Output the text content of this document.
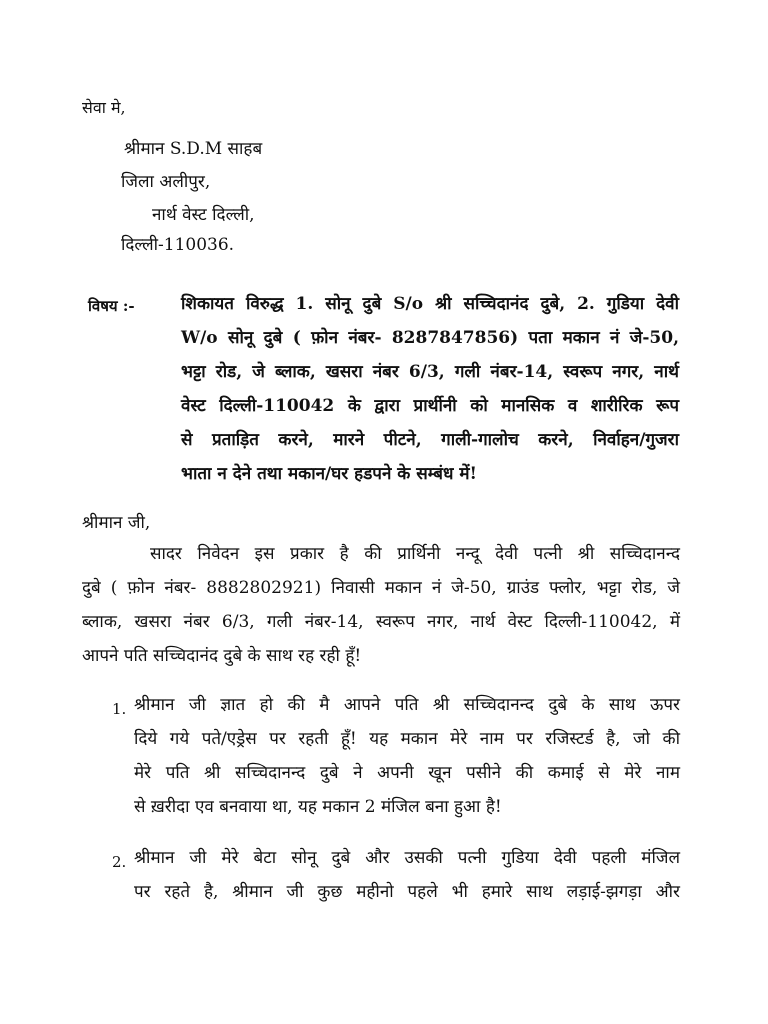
सेवा मे,
श्रीमान S.D.M साहब
जिला अलीपुर,
नार्थ वेस्ट दिल्ली,
दिल्ली-110036.
विषय :-	शिकायत विरुद्ध 1. सोनू दुबे S/o श्री सच्चिदानंद दुबे, 2. गुडिया देवी
W/o सोनू दुबे ( फ़ोन नंबर- 8287847856) पता मकान नं जे-50,
भट्टा रोड, जे ब्लाक, खसरा नंबर 6/3, गली नंबर-14, स्वरूप नगर, नार्थ
वेस्ट दिल्ली-110042 के द्वारा प्रार्थीनी को मानसिक व शारीरिक रूप
से प्रताड़ित करने, मारने पीटने, गाली-गालोच करने, निर्वाहन/गुजरा
भाता न देने तथा मकान/घर हडपने के सम्बंध में!
श्रीमान जी,
सादर निवेदन इस प्रकार है की प्रार्थिनी नन्दू देवी पत्नी श्री सच्चिदानन्द
दुबे ( फ़ोन नंबर- 8882802921) निवासी मकान नं जे-50, ग्राउंड फ्लोर, भट्टा रोड, जे
ब्लाक, खसरा नंबर 6/3, गली नंबर-14, स्वरूप नगर, नार्थ वेस्ट दिल्ली-110042, में
आपने पति सच्चिदानंद दुबे के साथ रह रही हूँ!
1. श्रीमान जी ज्ञात हो की मै आपने पति श्री सच्चिदानन्द दुबे के साथ ऊपर
दिये गये पते/एड्रेस पर रहती हूँ! यह मकान मेरे नाम पर रजिस्टर्ड है, जो की
मेरे पति श्री सच्चिदानन्द दुबे ने अपनी खून पसीने की कमाई से मेरे नाम
से ख़रीदा एव बनवाया था, यह मकान 2 मंजिल बना हुआ है!
2. श्रीमान जी मेरे बेटा सोनू दुबे और उसकी पत्नी गुडिया देवी पहली मंजिल
पर रहते है, श्रीमान जी कुछ महीनो पहले भी हमारे साथ लड़ाई-झगड़ा और
